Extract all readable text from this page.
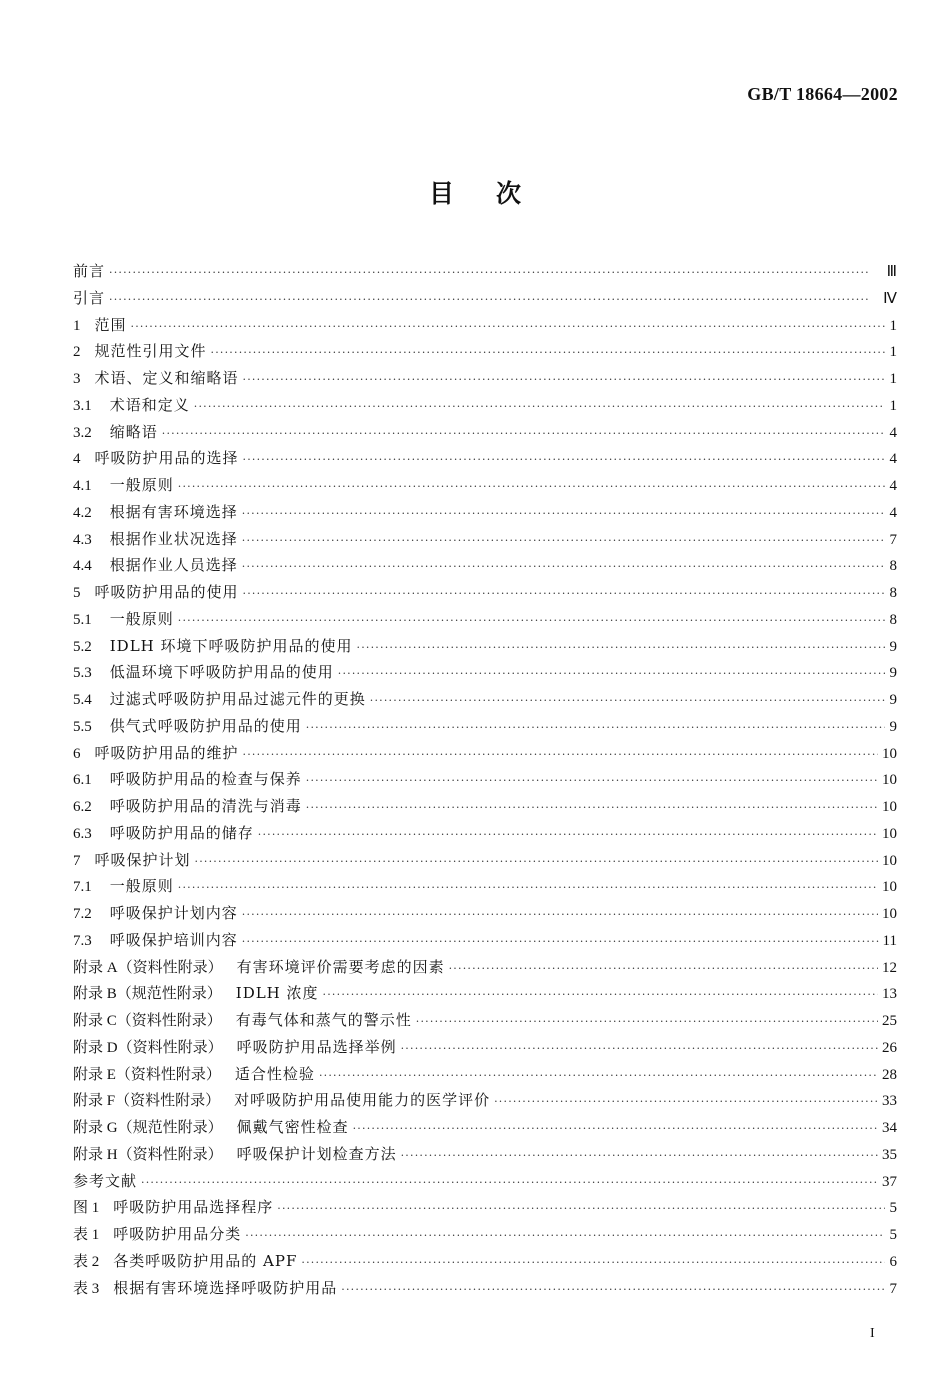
GB/T 18664—2002
目次
前言 ·····	Ⅲ
引言 ·····	Ⅳ
1 范围 ·····	1
2 规范性引用文件 ·····	1
3 术语、定义和缩略语 ·····	1
3.1 术语和定义 ·····	1
3.2 缩略语 ·····	4
4 呼吸防护用品的选择 ·····	4
4.1 一般原则 ·····	4
4.2 根据有害环境选择 ·····	4
4.3 根据作业状况选择 ·····	7
4.4 根据作业人员选择 ·····	8
5 呼吸防护用品的使用 ·····	8
5.1 一般原则 ·····	8
5.2 IDLH 环境下呼吸防护用品的使用 ·····	9
5.3 低温环境下呼吸防护用品的使用 ·····	9
5.4 过滤式呼吸防护用品过滤元件的更换 ·····	9
5.5 供气式呼吸防护用品的使用 ·····	9
6 呼吸防护用品的维护 ·····	10
6.1 呼吸防护用品的检查与保养 ·····	10
6.2 呼吸防护用品的清洗与消毒 ·····	10
6.3 呼吸防护用品的储存 ·····	10
7 呼吸保护计划 ·····	10
7.1 一般原则 ·····	10
7.2 呼吸保护计划内容 ·····	10
7.3 呼吸保护培训内容 ·····	11
附录 A（资料性附录） 有害环境评价需要考虑的因素 ·····	12
附录 B（规范性附录） IDLH 浓度 ·····	13
附录 C（资料性附录） 有毒气体和蒸气的警示性 ·····	25
附录 D（资料性附录） 呼吸防护用品选择举例 ·····	26
附录 E（资料性附录） 适合性检验 ·····	28
附录 F（资料性附录） 对呼吸防护用品使用能力的医学评价 ·····	33
附录 G（规范性附录） 佩戴气密性检查 ·····	34
附录 H（资料性附录） 呼吸保护计划检查方法 ·····	35
参考文献 ·····	37
图 1 呼吸防护用品选择程序 ·····	5
表 1 呼吸防护用品分类 ·····	5
表 2 各类呼吸防护用品的 APF ·····	6
表 3 根据有害环境选择呼吸防护用品 ·····	7
I
